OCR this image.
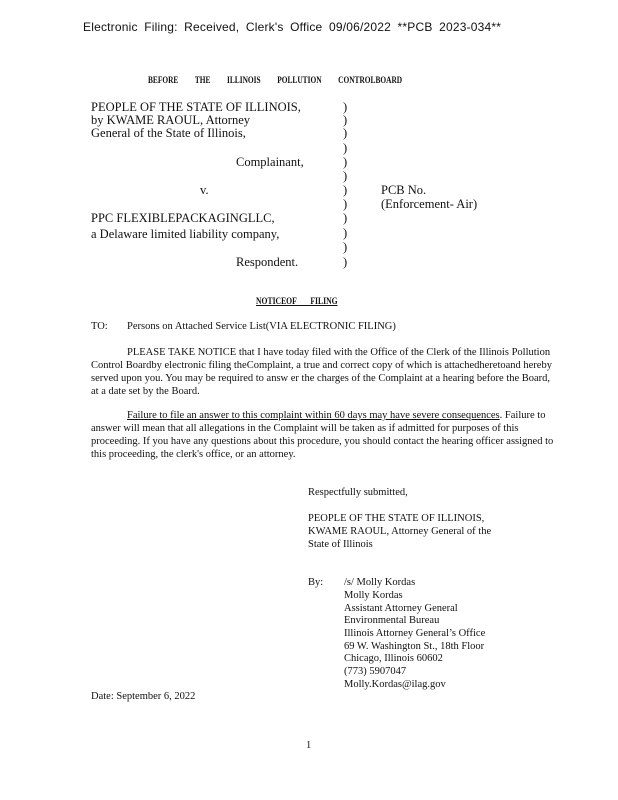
Electronic Filing: Received, Clerk's Office 09/06/2022 **PCB 2023-034**
BEFORE THE ILLINOIS POLLUTION CONTROLBOARD
PEOPLE OF THE STATE OF ILLINOIS,
by KWAME RAOUL, Attorney
General of the State of Illinois,
Complainant,
v.
PPC FLEXIBLEPACKAGINGLLC,
a Delaware limited liability company,
Respondent.
)
)
)
)
)
)
)
)
)
)
)
)
PCB No.
(Enforcement- Air)
NOTICEOF FILING
TO: Persons on Attached Service List(VIA ELECTRONIC FILING)
PLEASE TAKE NOTICE that I have today filed with the Office of the Clerk of the Illinois Pollution Control Boardby electronic filing theComplaint, a true and correct copy of which is attachedheretoand hereby served upon you. You may be required to answ er the charges of the Complaint at a hearing before the Board, at a date set by the Board.
Failure to file an answer to this complaint within 60 days may have severe consequences. Failure to answer will mean that all allegations in the Complaint will be taken as if admitted for purposes of this proceeding. If you have any questions about this procedure, you should contact the hearing officer assigned to this proceeding, the clerk's office, or an attorney.
Respectfully submitted,
PEOPLE OF THE STATE OF ILLINOIS,
KWAME RAOUL, Attorney General of the
State of Illinois
By: /s/ Molly Kordas
Molly Kordas
Assistant Attorney General
Environmental Bureau
Illinois Attorney General’s Office
69 W. Washington St., 18th Floor
Chicago, Illinois 60602
(773) 5907047
Molly.Kordas@ilag.gov
Date: September 6, 2022
1
